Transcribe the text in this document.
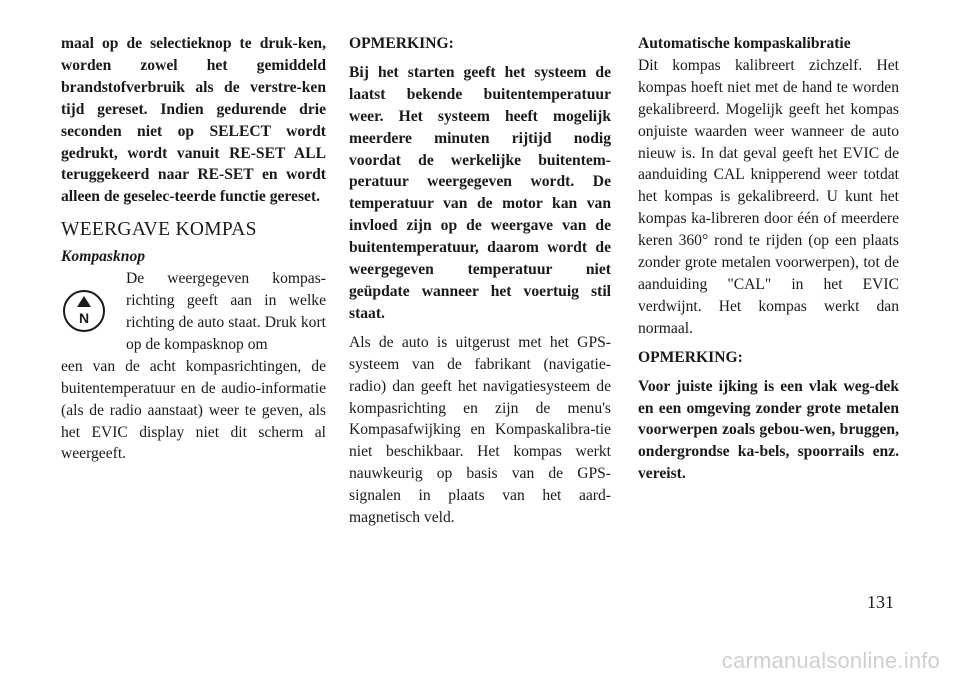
maal op de selectieknop te druk-ken, worden zowel het gemiddeld brandstofverbruik als de verstre-ken tijd gereset. Indien gedurende drie seconden niet op SELECT wordt gedrukt, wordt vanuit RE-SET ALL teruggekeerd naar RE-SET en wordt alleen de geselec-teerde functie gereset.

WEERGAVE KOMPAS

Kompasknop

N

De weergegeven kompas-richting geeft aan in welke richting de auto staat. Druk kort op de kompasknop om

een van de acht kompasrichtingen, de buitentemperatuur en de audio-informatie (als de radio aanstaat) weer te geven, als het EVIC display niet dit scherm al weergeeft.

OPMERKING:

Bij het starten geeft het systeem de laatst bekende buitentemperatuur weer. Het systeem heeft mogelijk meerdere minuten rijtijd nodig voordat de werkelijke buitentem-peratuur weergegeven wordt. De temperatuur van de motor kan van invloed zijn op de weergave van de buitentemperatuur, daarom wordt de weergegeven temperatuur niet geüpdate wanneer het voertuig stil staat.

Als de auto is uitgerust met het GPS-systeem van de fabrikant (navigatie-radio) dan geeft het navigatiesysteem de kompasrichting en zijn de menu's Kompasafwijking en Kompaskalibra-tie niet beschikbaar. Het kompas werkt nauwkeurig op basis van de GPS-signalen in plaats van het aard-magnetisch veld.

Automatische kompaskalibratie

Dit kompas kalibreert zichzelf. Het kompas hoeft niet met de hand te worden gekalibreerd. Mogelijk geeft het kompas onjuiste waarden weer wanneer de auto nieuw is. In dat geval geeft het EVIC de aanduiding CAL knipperend weer totdat het kompas is gekalibreerd. U kunt het kompas ka-libreren door één of meerdere keren 360° rond te rijden (op een plaats zonder grote metalen voorwerpen), tot de aanduiding "CAL" in het EVIC verdwijnt. Het kompas werkt dan normaal.

OPMERKING:

Voor juiste ijking is een vlak weg-dek en een omgeving zonder grote metalen voorwerpen zoals gebou-wen, bruggen, ondergrondse ka-bels, spoorrails enz. vereist.

131
carmanualsonline.info
